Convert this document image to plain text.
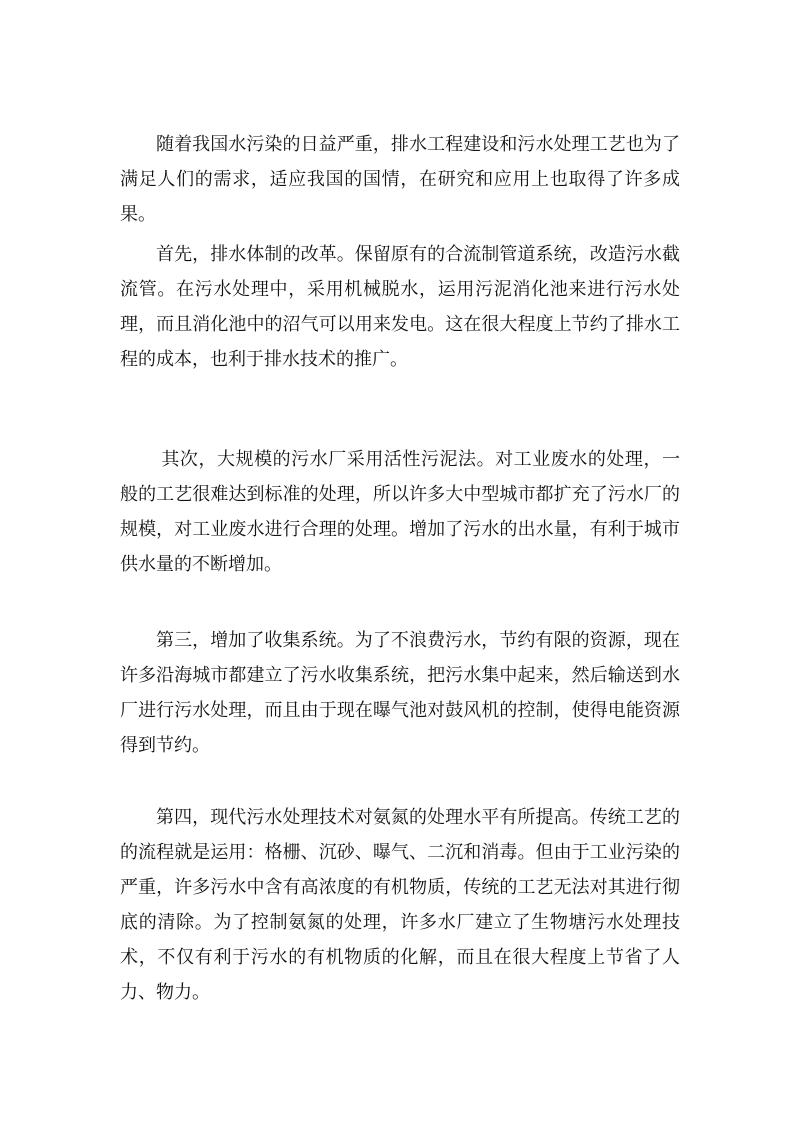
随着我国水污染的日益严重，排水工程建设和污水处理工艺也为了满足人们的需求，适应我国的国情，在研究和应用上也取得了许多成果。

首先，排水体制的改革。保留原有的合流制管道系统，改造污水截流管。在污水处理中，采用机械脱水，运用污泥消化池来进行污水处理，而且消化池中的沼气可以用来发电。这在很大程度上节约了排水工程的成本，也利于排水技术的推广。

其次，大规模的污水厂采用活性污泥法。对工业废水的处理，一般的工艺很难达到标准的处理，所以许多大中型城市都扩充了污水厂的规模，对工业废水进行合理的处理。增加了污水的出水量，有利于城市供水量的不断增加。

第三，增加了收集系统。为了不浪费污水，节约有限的资源，现在许多沿海城市都建立了污水收集系统，把污水集中起来，然后输送到水厂进行污水处理，而且由于现在曝气池对鼓风机的控制，使得电能资源得到节约。

第四，现代污水处理技术对氨氮的处理水平有所提高。传统工艺的的流程就是运用：格栅、沉砂、曝气、二沉和消毒。但由于工业污染的严重，许多污水中含有高浓度的有机物质，传统的工艺无法对其进行彻底的清除。为了控制氨氮的处理，许多水厂建立了生物塘污水处理技术，不仅有利于污水的有机物质的化解，而且在很大程度上节省了人力、物力。
